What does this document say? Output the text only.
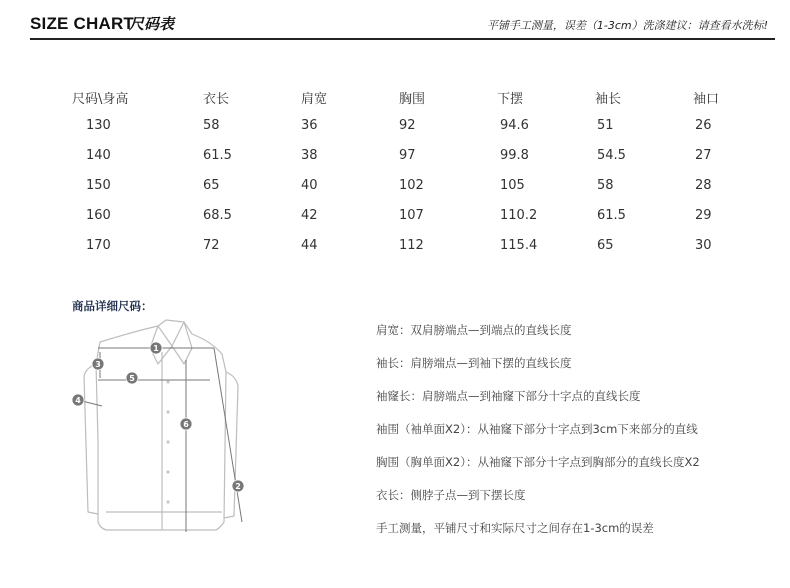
SIZE CHART
尺码表	平铺手工测量，误差（1-3cm）洗涤建议：请查看水洗标!
尺码\身高	衣长	肩宽	胸围	下摆	袖长	袖口
130	58	36	92	94.6	51	26
140	61.5	38	97	99.8	54.5	27
150	65	40	102	105	58	28
160	68.5	42	107	110.2	61.5	29
170	72	44	112	115.4	65	30
商品详细尺码：
1
2
3
4
5
6
肩宽：双肩膀端点—到端点的直线长度
袖长：肩膀端点—到袖下摆的直线长度
袖窿长：肩膀端点—到袖窿下部分十字点的直线长度
袖围（袖单面X2）：从袖窿下部分十字点到3cm下来部分的直线
胸围（胸单面X2）：从袖窿下部分十字点到胸部分的直线长度X2
衣长：侧脖子点—到下摆长度
手工测量，平铺尺寸和实际尺寸之间存在1-3cm的误差
